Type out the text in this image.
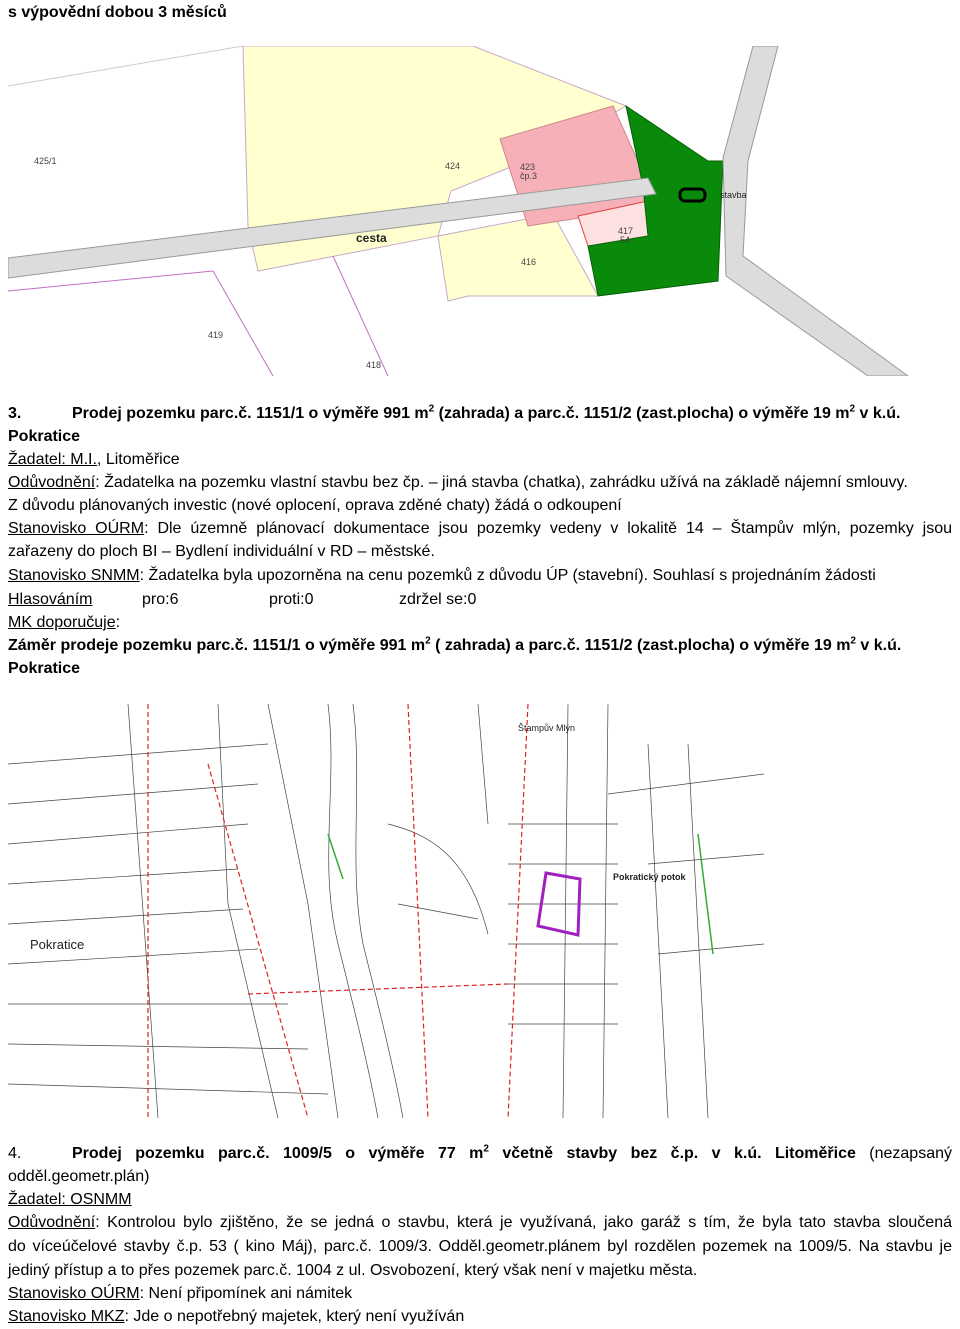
s výpovědní dobou 3 měsíců
425/1	424	423
čp.3
417
54
416
419
418
cesta
stavba
3.	Prodej pozemku parc.č. 1151/1 o výměře 991 $m^2$ (zahrada) a parc.č. 1151/2 (zast.plocha) o výměře 19 $m^2$ v k.ú.
Pokratice
Žadatel: M.I., Litoměřice
Odůvodnění: Žadatelka na pozemku vlastní stavbu bez čp. – jiná stavba (chatka), zahrádku užívá na základě nájemní smlouvy.
Z důvodu plánovaných investic (nové oplocení, oprava zděné chaty) žádá o odkoupení
Stanovisko OÚRM: Dle územně plánovací dokumentace jsou pozemky vedeny v lokalitě 14 – Štampův mlýn, pozemky jsou
zařazeny do ploch BI – Bydlení individuální v RD – městské.
Stanovisko SNMM: Žadatelka byla upozorněna na cenu pozemků z důvodu ÚP (stavební). Souhlasí s projednáním žádosti
Hlasováním	pro:6	proti:0	zdržel se:0
MK doporučuje:
Záměr prodeje pozemku parc.č. 1151/1 o výměře 991 $m^2$ ( zahrada) a parc.č. 1151/2 (zast.plocha) o výměře 19 $m^2$ v k.ú.
Pokratice
Pokratice
Štampův Mlýn
Pokratický potok
4.	Prodej pozemku parc.č. 1009/5 o výměře 77 $m^2$ včetně stavby bez č.p. v k.ú. Litoměřice (nezapsaný
odděl.geometr.plán)
Žadatel: OSNMM
Odůvodnění: Kontrolou bylo zjištěno, že se jedná o stavbu, která je využívaná, jako garáž s tím, že byla tato stavba sloučená
do víceúčelové stavby č.p. 53 ( kino Máj), parc.č. 1009/3. Odděl.geometr.plánem byl rozdělen pozemek na 1009/5. Na stavbu je
jediný přístup a to přes pozemek parc.č. 1004 z ul. Osvobození, který však není v majetku města.
Stanovisko OÚRM: Není připomínek ani námitek
Stanovisko MKZ: Jde o nepotřebný majetek, který není využíván
